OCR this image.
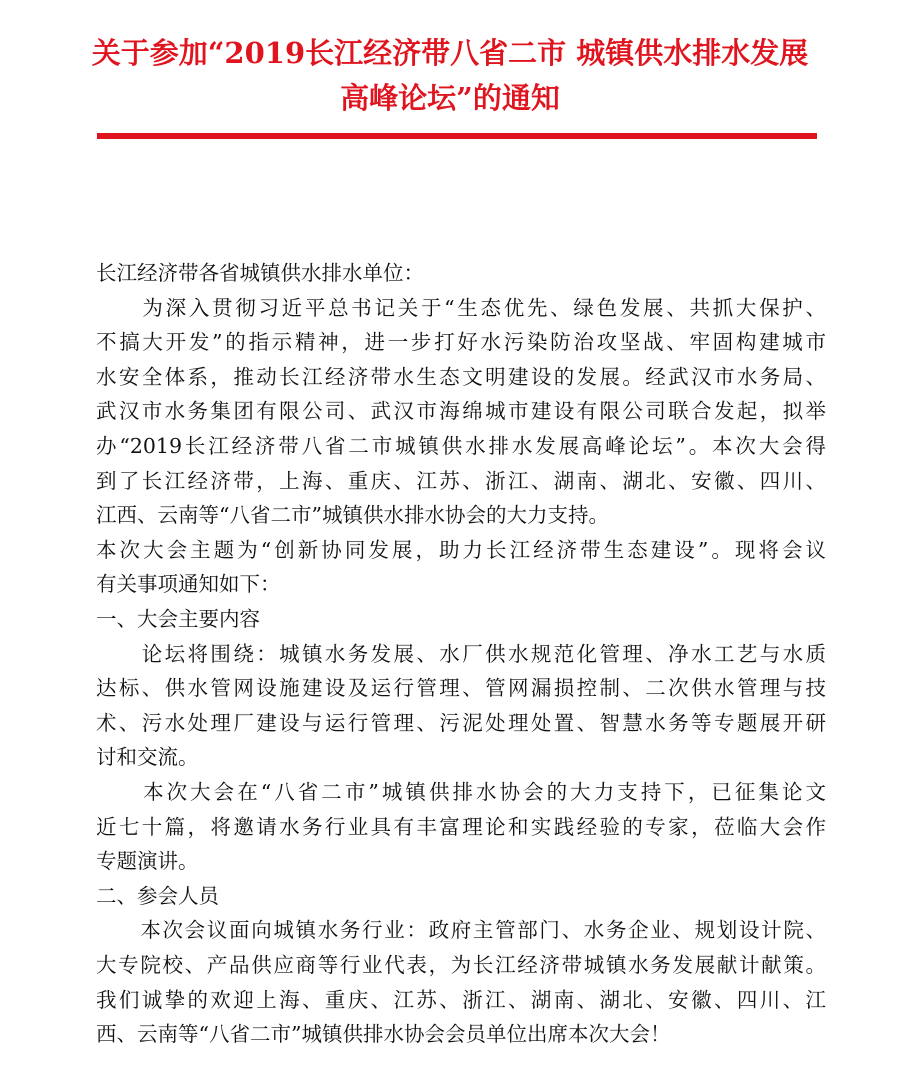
关于参加“2019长江经济带八省二市 城镇供水排水发展
高峰论坛”的通知
长江经济带各省城镇供水排水单位：
　　为深入贯彻习近平总书记关于“生态优先、绿色发展、共抓大保护、
不搞大开发”的指示精神，进一步打好水污染防治攻坚战、牢固构建城市
水安全体系，推动长江经济带水生态文明建设的发展。经武汉市水务局、
武汉市水务集团有限公司、武汉市海绵城市建设有限公司联合发起，拟举
办“2019长江经济带八省二市城镇供水排水发展高峰论坛”。本次大会得
到了长江经济带，上海、重庆、江苏、浙江、湖南、湖北、安徽、四川、
江西、云南等“八省二市”城镇供水排水协会的大力支持。
本次大会主题为“创新协同发展，助力长江经济带生态建设”。现将会议
有关事项通知如下：
一、大会主要内容
　　论坛将围绕：城镇水务发展、水厂供水规范化管理、净水工艺与水质
达标、供水管网设施建设及运行管理、管网漏损控制、二次供水管理与技
术、污水处理厂建设与运行管理、污泥处理处置、智慧水务等专题展开研
讨和交流。
　　本次大会在“八省二市”城镇供排水协会的大力支持下，已征集论文
近七十篇，将邀请水务行业具有丰富理论和实践经验的专家，莅临大会作
专题演讲。
二、参会人员
　　本次会议面向城镇水务行业：政府主管部门、水务企业、规划设计院、
大专院校、产品供应商等行业代表，为长江经济带城镇水务发展献计献策。
我们诚挚的欢迎上海、重庆、江苏、浙江、湖南、湖北、安徽、四川、江
西、云南等“八省二市”城镇供排水协会会员单位出席本次大会！
